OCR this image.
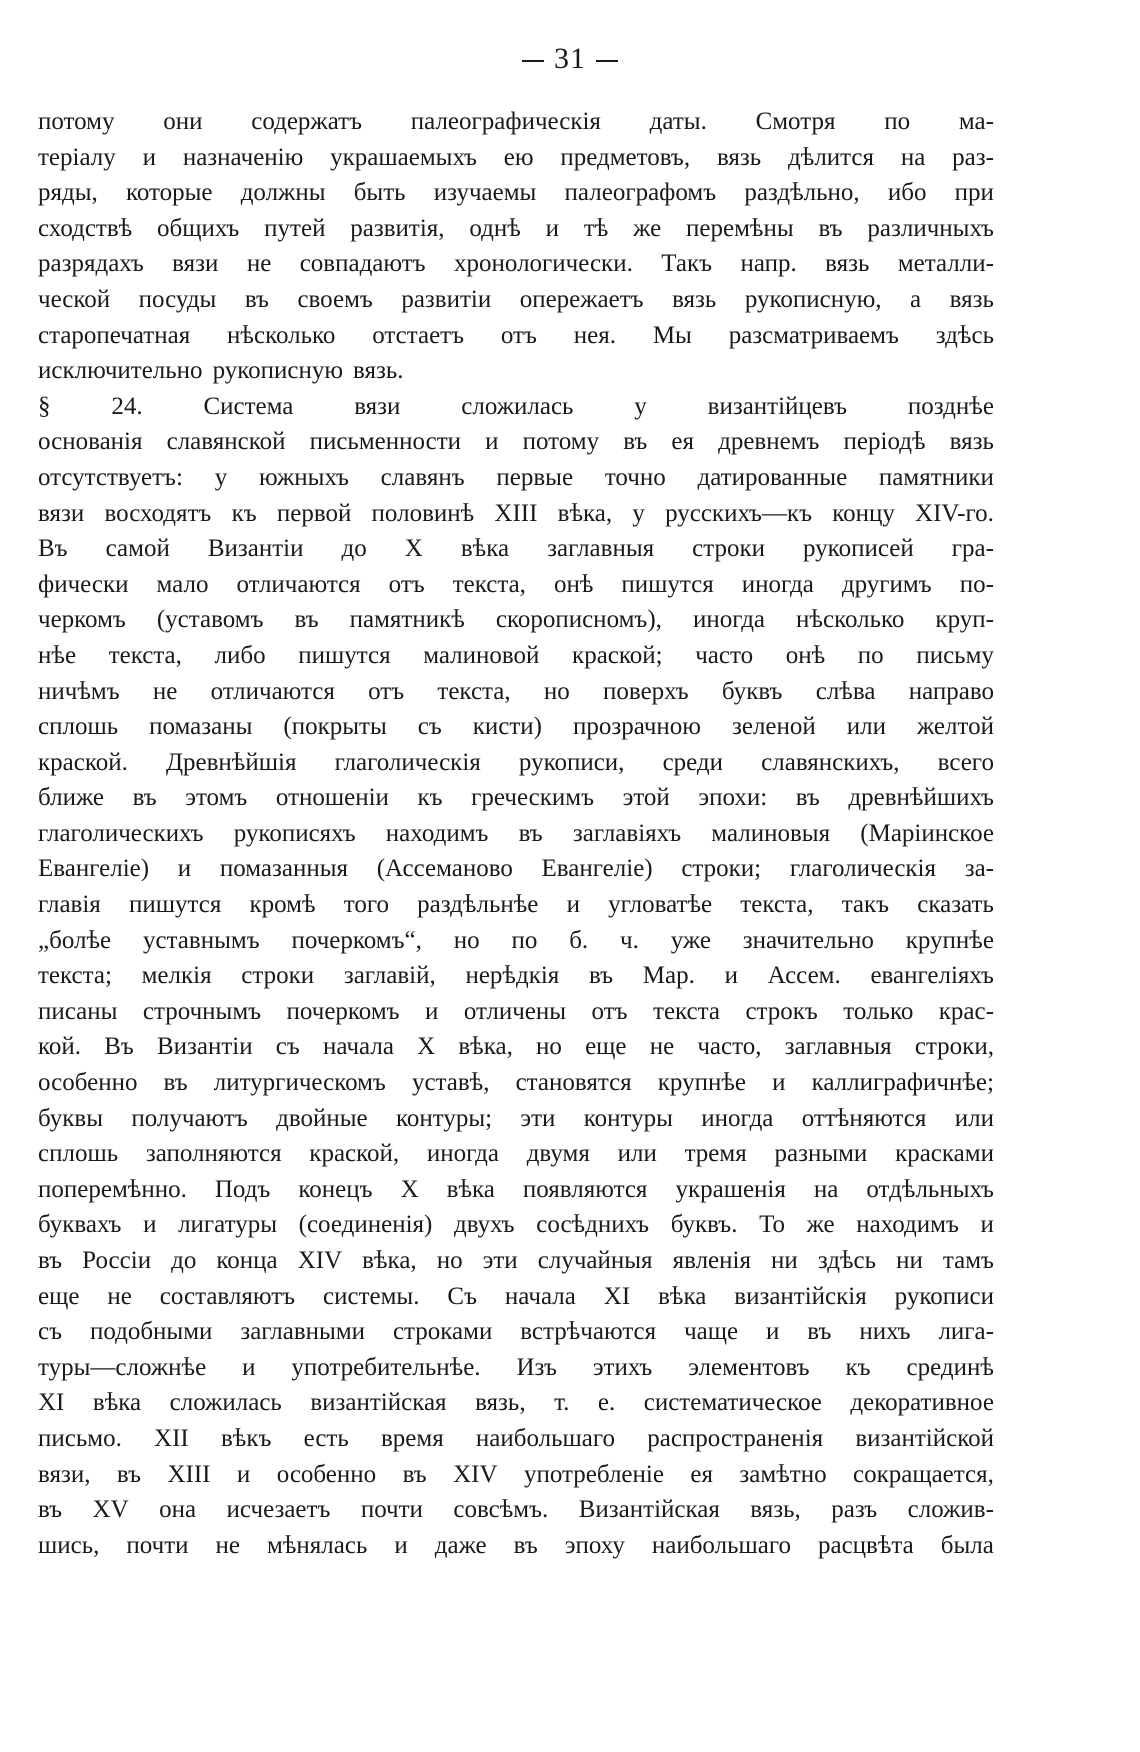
31
потому они содержатъ палеографическія даты. Смотря по ма-
теріалу и назначенію украшаемыхъ ею предметовъ, вязь дѣлится на раз-
ряды, которые должны быть изучаемы палеографомъ раздѣльно, ибо при
сходствѣ общихъ путей развитія, однѣ и тѣ же перемѣны въ различныхъ
разрядахъ вязи не совпадаютъ хронологически. Такъ напр. вязь металли-
ческой посуды въ своемъ развитіи опережаетъ вязь рукописную, а вязь
старопечатная нѣсколько отстаетъ отъ нея. Мы разсматриваемъ здѣсь
исключительно рукописную вязь.
§ 24. Система вязи сложилась у византійцевъ позднѣе
основанія славянской письменности и потому въ ея древнемъ періодѣ вязь
отсутствуетъ: у южныхъ славянъ первые точно датированные памятники
вязи восходятъ къ первой половинѣ XIII вѣка, у русскихъ—къ концу XIV-го.
Въ самой Византіи до X вѣка заглавныя строки рукописей гра-
фически мало отличаются отъ текста, онѣ пишутся иногда другимъ по-
черкомъ (уставомъ въ памятникѣ скорописномъ), иногда нѣсколько круп-
нѣе текста, либо пишутся малиновой краской; часто онѣ по письму
ничѣмъ не отличаются отъ текста, но поверхъ буквъ слѣва направо
сплошь помазаны (покрыты съ кисти) прозрачною зеленой или желтой
краской. Древнѣйшія глаголическія рукописи, среди славянскихъ, всего
ближе въ этомъ отношеніи къ греческимъ этой эпохи: въ древнѣйшихъ
глаголическихъ рукописяхъ находимъ въ заглавіяхъ малиновыя (Маріинское
Евангеліе) и помазанныя (Ассеманово Евангеліе) строки; глаголическія за-
главія пишутся кромѣ того раздѣльнѣе и угловатѣе текста, такъ сказать
„болѣе уставнымъ почеркомъ“, но по б. ч. уже значительно крупнѣе
текста; мелкія строки заглавій, нерѣдкія въ Мар. и Ассем. евангеліяхъ
писаны строчнымъ почеркомъ и отличены отъ текста строкъ только крас-
кой. Въ Византіи съ начала X вѣка, но еще не часто, заглавныя строки,
особенно въ литургическомъ уставѣ, становятся крупнѣе и каллиграфичнѣе;
буквы получаютъ двойные контуры; эти контуры иногда оттѣняются или
сплошь заполняются краской, иногда двумя или тремя разными красками
поперемѣнно. Подъ конецъ X вѣка появляются украшенія на отдѣльныхъ
буквахъ и лигатуры (соединенія) двухъ сосѣднихъ буквъ. То же находимъ и
въ Россіи до конца XIV вѣка, но эти случайныя явленія ни здѣсь ни тамъ
еще не составляютъ системы. Съ начала XI вѣка византійскія рукописи
съ подобными заглавными строками встрѣчаются чаще и въ нихъ лига-
туры—сложнѣе и употребительнѣе. Изъ этихъ элементовъ къ срединѣ
XI вѣка сложилась византійская вязь, т. е. систематическое декоративное
письмо. XII вѣкъ есть время наибольшаго распространенія византійской
вязи, въ XIII и особенно въ XIV употребленіе ея замѣтно сокращается,
въ XV она исчезаетъ почти совсѣмъ. Византійская вязь, разъ сложив-
шись, почти не мѣнялась и даже въ эпоху наибольшаго расцвѣта была
